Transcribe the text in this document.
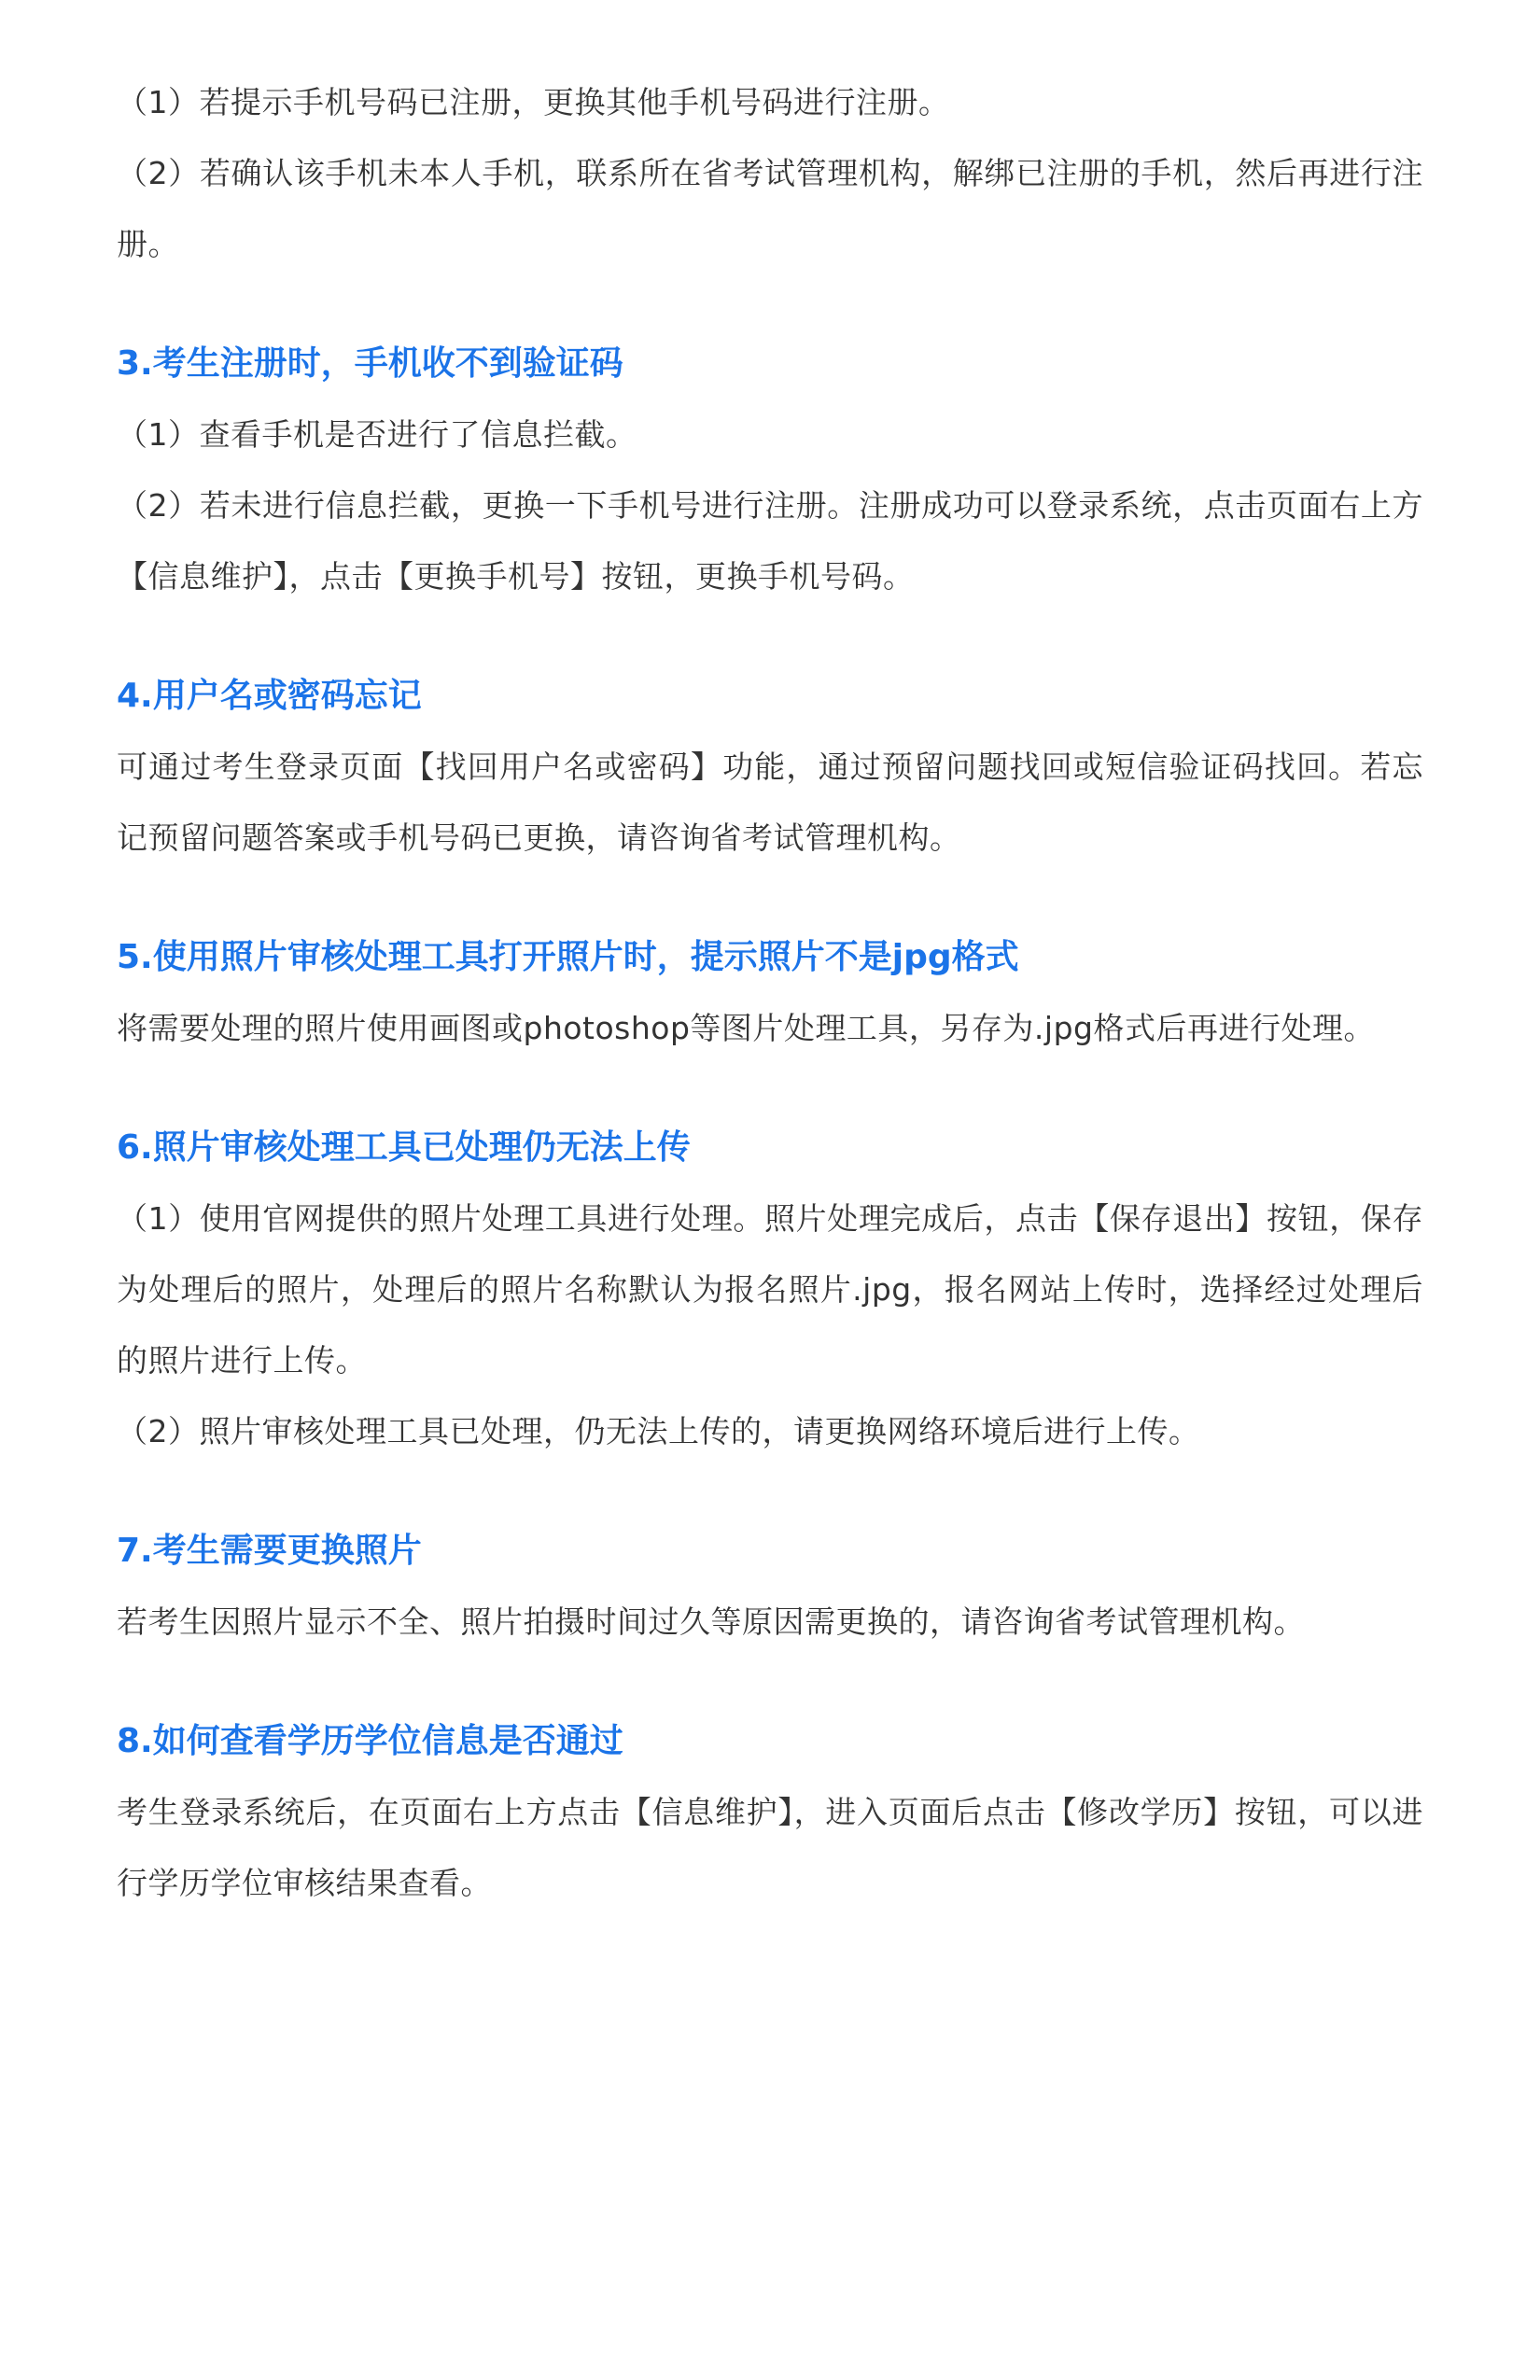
（1）若提示手机号码已注册，更换其他手机号码进行注册。

（2）若确认该手机未本人手机，联系所在省考试管理机构，解绑已注册的手机，然后再进行注册。

3.考生注册时，手机收不到验证码

（1）查看手机是否进行了信息拦截。

（2）若未进行信息拦截，更换一下手机号进行注册。注册成功可以登录系统，点击页面右上方【信息维护】，点击【更换手机号】按钮，更换手机号码。

4.用户名或密码忘记

可通过考生登录页面【找回用户名或密码】功能，通过预留问题找回或短信验证码找回。若忘记预留问题答案或手机号码已更换，请咨询省考试管理机构。

5.使用照片审核处理工具打开照片时，提示照片不是jpg格式

将需要处理的照片使用画图或photoshop等图片处理工具，另存为.jpg格式后再进行处理。

6.照片审核处理工具已处理仍无法上传

（1）使用官网提供的照片处理工具进行处理。照片处理完成后，点击【保存退出】按钮，保存为处理后的照片，处理后的照片名称默认为报名照片.jpg，报名网站上传时，选择经过处理后的照片进行上传。

（2）照片审核处理工具已处理，仍无法上传的，请更换网络环境后进行上传。

7.考生需要更换照片

若考生因照片显示不全、照片拍摄时间过久等原因需更换的，请咨询省考试管理机构。

8.如何查看学历学位信息是否通过

考生登录系统后，在页面右上方点击【信息维护】，进入页面后点击【修改学历】按钮，可以进行学历学位审核结果查看。
